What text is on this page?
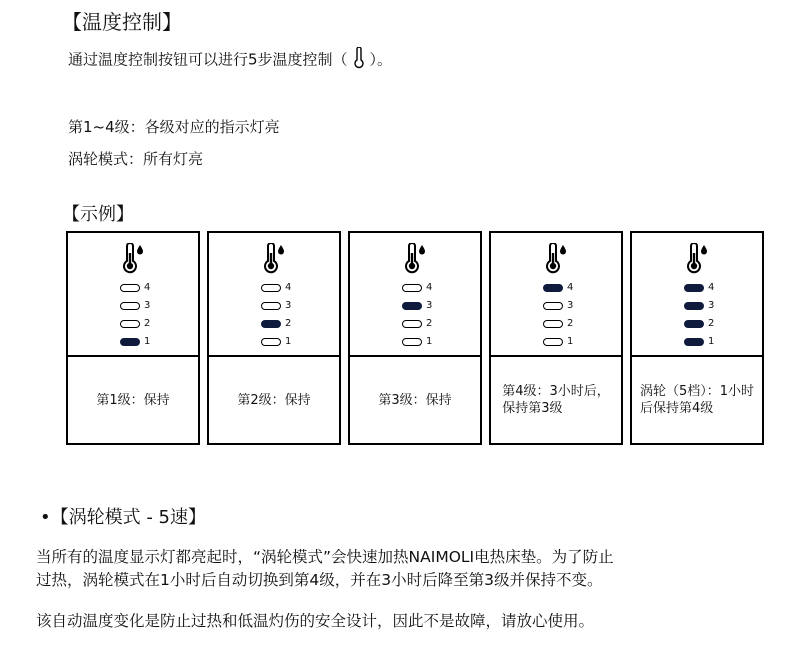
【温度控制】
通过温度控制按钮可以进行5步温度控制（ ）。
第1~4级：各级对应的指示灯亮
涡轮模式：所有灯亮
【示例】
4
3
2
1
第1级：保持
4
3
2
1
第2级：保持
4
3
2
1
第3级：保持
4
3
2
1
第4级：3小时后，
保持第3级
4
3
2
1
涡轮（5档）：1小时
后保持第4级
•【涡轮模式 - 5速】
当所有的温度显示灯都亮起时，“涡轮模式”会快速加热NAIMOLI电热床垫。为了防止
过热，涡轮模式在1小时后自动切换到第4级，并在3小时后降至第3级并保持不变。
该自动温度变化是防止过热和低温灼伤的安全设计，因此不是故障，请放心使用。
